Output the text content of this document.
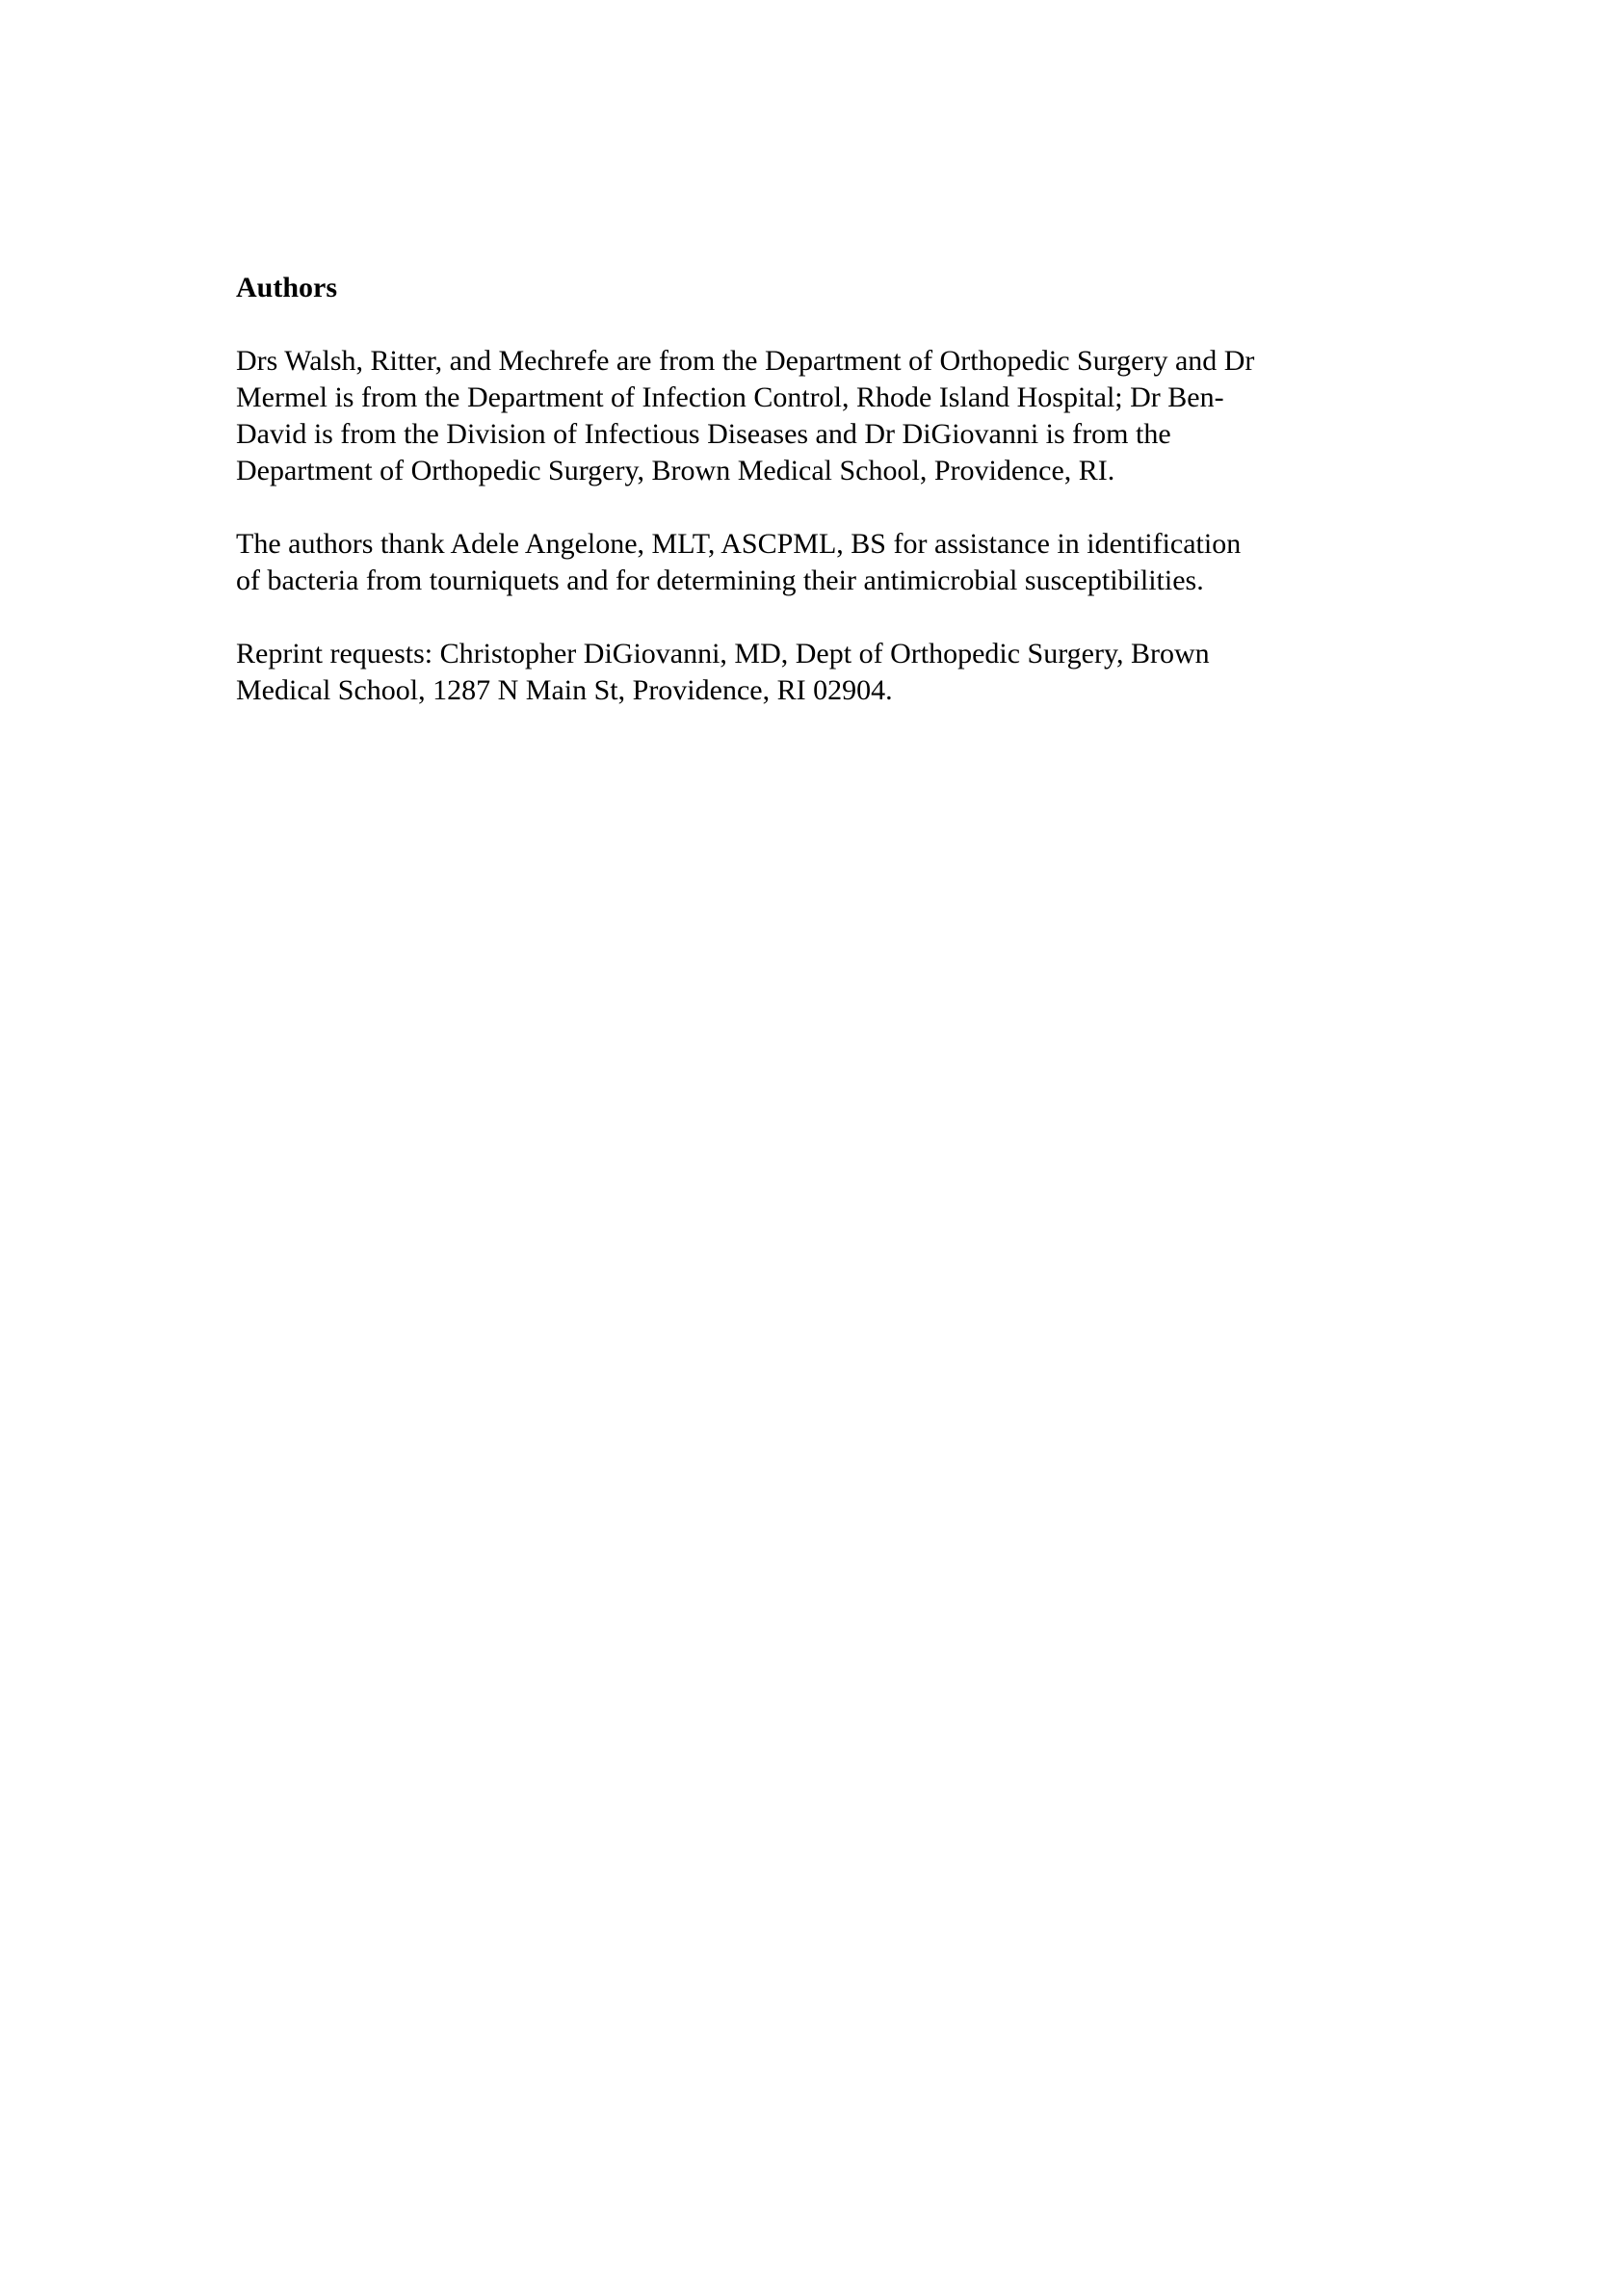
Authors
Drs Walsh, Ritter, and Mechrefe are from the Department of Orthopedic Surgery and Dr
Mermel is from the Department of Infection Control, Rhode Island Hospital; Dr Ben-
David is from the Division of Infectious Diseases and Dr DiGiovanni is from the
Department of Orthopedic Surgery, Brown Medical School, Providence, RI.
The authors thank Adele Angelone, MLT, ASCPML, BS for assistance in identification
of bacteria from tourniquets and for determining their antimicrobial susceptibilities.
Reprint requests: Christopher DiGiovanni, MD, Dept of Orthopedic Surgery, Brown
Medical School, 1287 N Main St, Providence, RI 02904.
